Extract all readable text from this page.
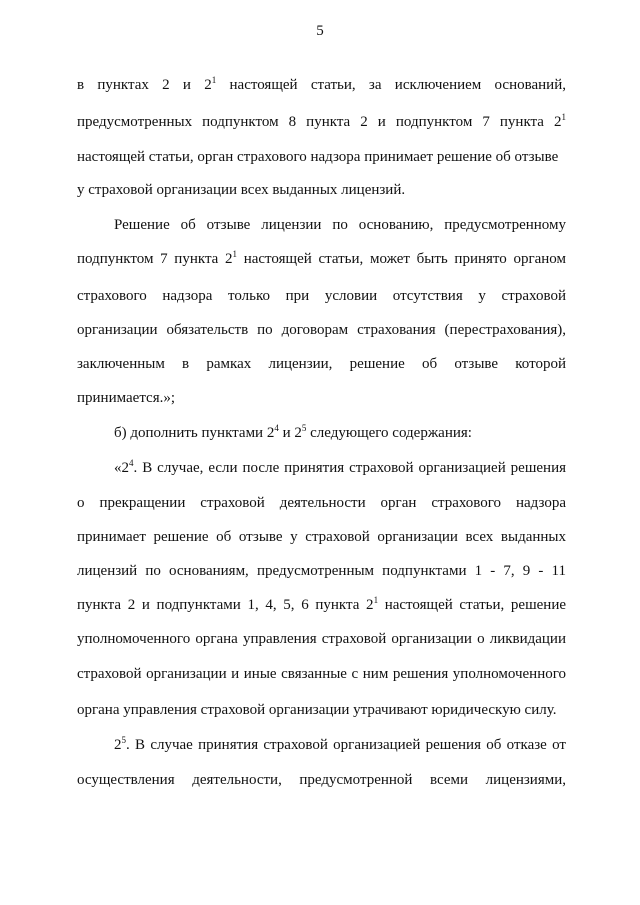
5
в пунктах 2 и $2^1$ настоящей статьи, за исключением оснований,
предусмотренных подпунктом 8 пункта 2 и подпунктом 7 пункта $2^1$
настоящей статьи, орган страхового надзора принимает решение об отзыве
у страховой организации всех выданных лицензий.
Решение об отзыве лицензии по основанию, предусмотренному
подпунктом 7 пункта $2^1$ настоящей статьи, может быть принято органом
страхового надзора только при условии отсутствия у страховой
организации обязательств по договорам страхования (перестрахования),
заключенным в рамках лицензии, решение об отзыве которой
принимается.»;
б) дополнить пунктами $2^4$ и $2^5$ следующего содержания:
«$2^4$. В случае, если после принятия страховой организацией решения
о прекращении страховой деятельности орган страхового надзора
принимает решение об отзыве у страховой организации всех выданных
лицензий по основаниям, предусмотренным подпунктами 1 - 7, 9 - 11
пункта 2 и подпунктами 1, 4, 5, 6 пункта $2^1$ настоящей статьи, решение
уполномоченного органа управления страховой организации о ликвидации
страховой организации и иные связанные с ним решения уполномоченного
органа управления страховой организации утрачивают юридическую силу.
$2^5$. В случае принятия страховой организацией решения об отказе от
осуществления деятельности, предусмотренной всеми лицензиями,
